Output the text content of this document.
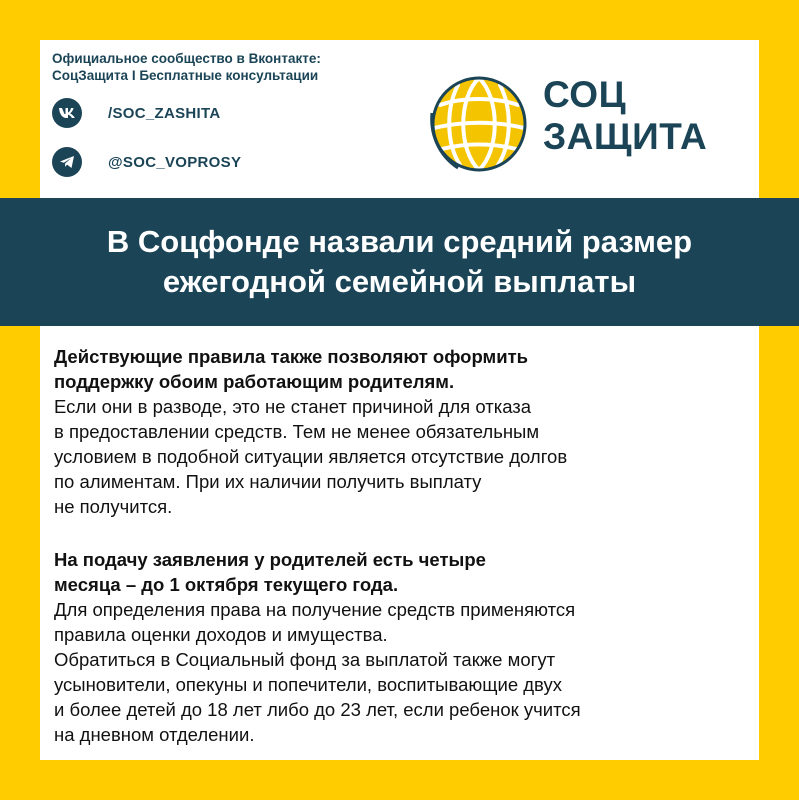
Официальное сообщество в Вконтакте:
СоцЗащита I Бесплатные консультации
/SOC_ZASHITA
@SOC_VOPROSY
СОЦ
ЗАЩИТА
В Соцфонде назвали средний размер
ежегодной семейной выплаты
Действующие правила также позволяют оформить
поддержку обоим работающим родителям.
Если они в разводе, это не станет причиной для отказа
в предоставлении средств. Тем не менее обязательным
условием в подобной ситуации является отсутствие долгов
по алиментам. При их наличии получить выплату
не получится.
На подачу заявления у родителей есть четыре
месяца – до 1 октября текущего года.
Для определения права на получение средств применяются
правила оценки доходов и имущества.
Обратиться в Социальный фонд за выплатой также могут
усыновители, опекуны и попечители, воспитывающие двух
и более детей до 18 лет либо до 23 лет, если ребенок учится
на дневном отделении.
